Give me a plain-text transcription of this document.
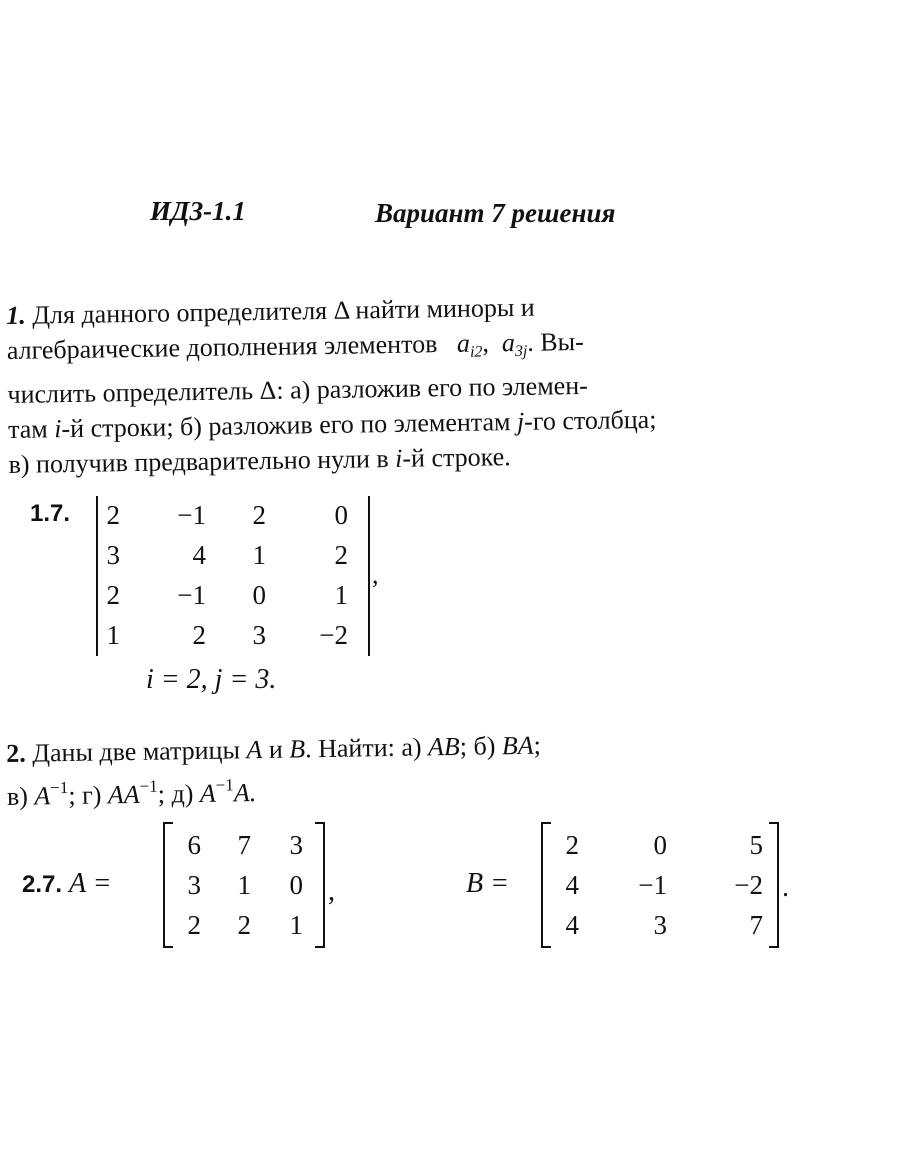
ИДЗ-1.1	Вариант 7 решения
1. Для данного определителя Δ найти миноры и
алгебраические дополнения элементов $a_{i2}$, $a_{3j}$. Вы-
числить определитель Δ: а) разложив его по элемен-
там i-й строки; б) разложив его по элементам j-го столбца;
в) получив предварительно нули в i-й строке.
1.7.	2	−1	2	0
3	4	1	2
2	−1	0	1
1	2	3	−2
,
i = 2, j = 3.
2. Даны две матрицы A и B. Найти: а) AB; б) BA;
в) $A^{-1}$; г) $AA^{-1}$; д) $A^{-1}A$.
2.7. A =
6	7	3
3	1	0
2	2	1
,	B =
2	0	5
4	−1	−2
4	3	7
.
